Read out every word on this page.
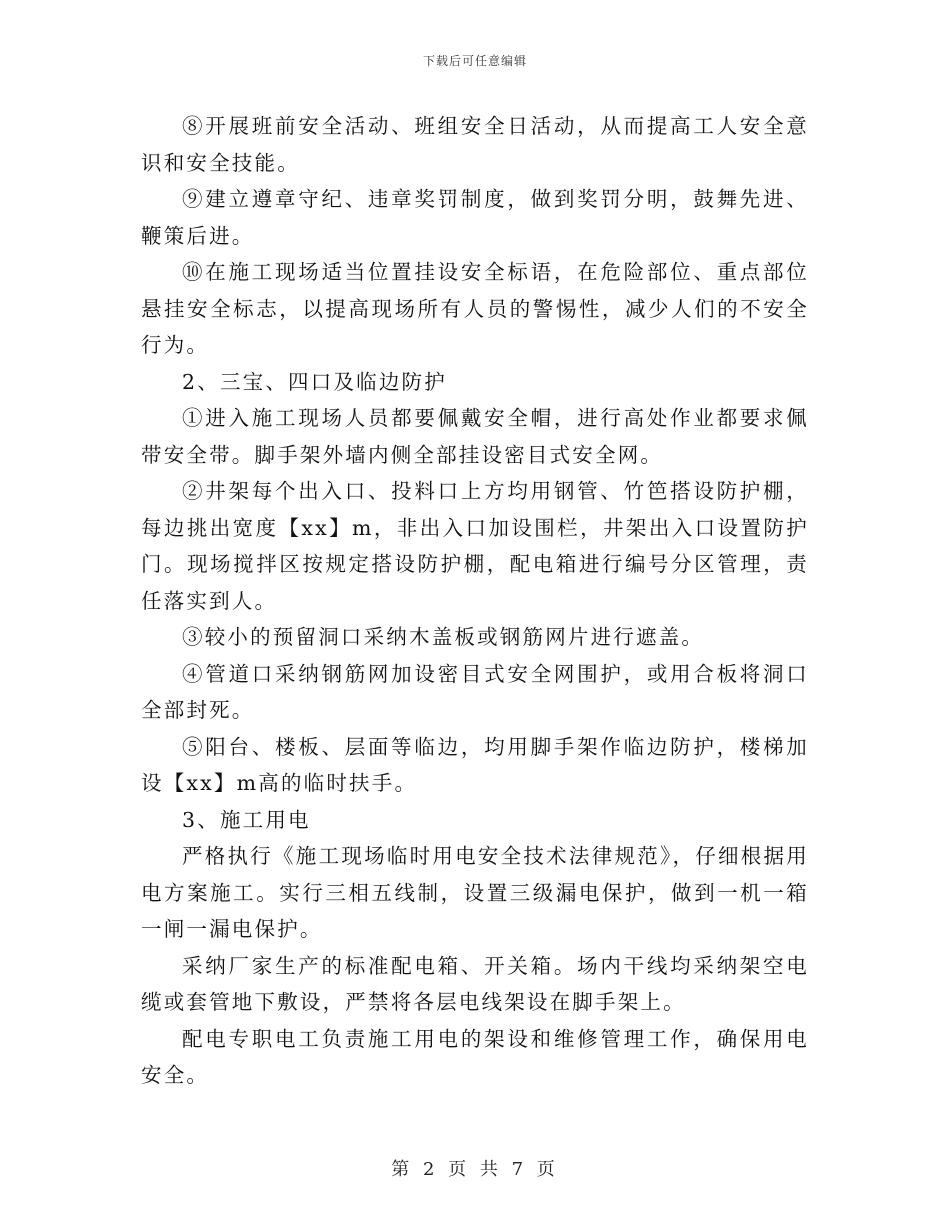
下载后可任意编辑

⑧开展班前安全活动、班组安全日活动，从而提高工人安全意识和安全技能。

⑨建立遵章守纪、违章奖罚制度，做到奖罚分明，鼓舞先进、鞭策后进。

⑩在施工现场适当位置挂设安全标语，在危险部位、重点部位悬挂安全标志，以提高现场所有人员的警惕性，减少人们的不安全行为。

2、三宝、四口及临边防护

①进入施工现场人员都要佩戴安全帽，进行高处作业都要求佩带安全带。脚手架外墙内侧全部挂设密目式安全网。

②井架每个出入口、投料口上方均用钢管、竹笆搭设防护棚，每边挑出宽度【xx】m，非出入口加设围栏，井架出入口设置防护门。现场搅拌区按规定搭设防护棚，配电箱进行编号分区管理，责任落实到人。

③较小的预留洞口采纳木盖板或钢筋网片进行遮盖。

④管道口采纳钢筋网加设密目式安全网围护，或用合板将洞口全部封死。

⑤阳台、楼板、层面等临边，均用脚手架作临边防护，楼梯加设【xx】m高的临时扶手。

3、施工用电

严格执行《施工现场临时用电安全技术法律规范》，仔细根据用电方案施工。实行三相五线制，设置三级漏电保护，做到一机一箱一闸一漏电保护。

采纳厂家生产的标准配电箱、开关箱。场内干线均采纳架空电缆或套管地下敷设，严禁将各层电线架设在脚手架上。

配电专职电工负责施工用电的架设和维修管理工作，确保用电安全。

第 2 页 共 7 页
